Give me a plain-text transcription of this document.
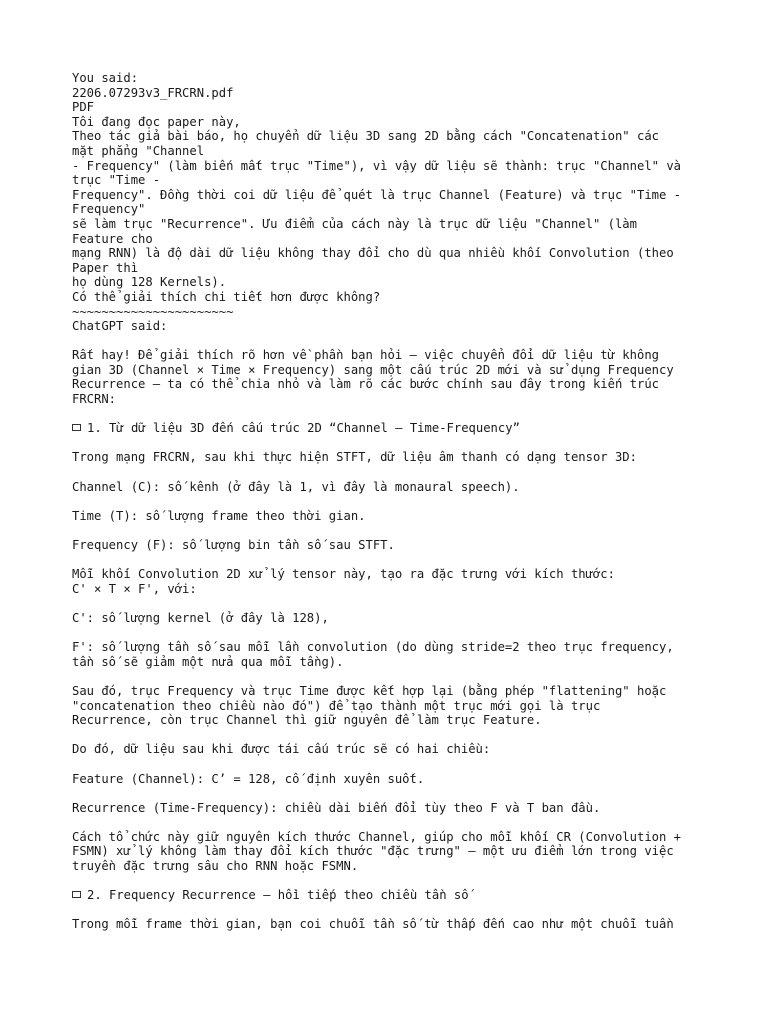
You said:
2206.07293v3_FRCRN.pdf
PDF
Tôi đang đọc paper này,
Theo tác giả bài báo, họ chuyển dữ liệu 3D sang 2D bằng cách "Concatenation" các
mặt phẳng "Channel
- Frequency" (làm biến mất trục "Time"), vì vậy dữ liệu sẽ thành: trục "Channel" và
trục "Time -
Frequency". Đồng thời coi dữ liệu để quét là trục Channel (Feature) và trục "Time -
Frequency"
sẽ làm trục "Recurrence". Ưu điểm của cách này là trục dữ liệu "Channel" (làm
Feature cho
mạng RNN) là độ dài dữ liệu không thay đổi cho dù qua nhiều khối Convolution (theo
Paper thì
họ dùng 128 Kernels).
Có thể giải thích chi tiết hơn được không?
~~~~~~~~~~~~~~~~~~~~~~
ChatGPT said:
Rất hay! Để giải thích rõ hơn về phần bạn hỏi — việc chuyển đổi dữ liệu từ không
gian 3D (Channel × Time × Frequency) sang một cấu trúc 2D mới và sử dụng Frequency
Recurrence — ta có thể chia nhỏ và làm rõ các bước chính sau đây trong kiến trúc
FRCRN:
1. Từ dữ liệu 3D đến cấu trúc 2D “Channel – Time-Frequency”
Trong mạng FRCRN, sau khi thực hiện STFT, dữ liệu âm thanh có dạng tensor 3D:
Channel (C): số kênh (ở đây là 1, vì đây là monaural speech).
Time (T): số lượng frame theo thời gian.
Frequency (F): số lượng bin tần số sau STFT.
Mỗi khối Convolution 2D xử lý tensor này, tạo ra đặc trưng với kích thước:
C' × T × F', với:
C': số lượng kernel (ở đây là 128),
F': số lượng tần số sau mỗi lần convolution (do dùng stride=2 theo trục frequency,
tần số sẽ giảm một nửa qua mỗi tầng).
Sau đó, trục Frequency và trục Time được kết hợp lại (bằng phép "flattening" hoặc
"concatenation theo chiều nào đó") để tạo thành một trục mới gọi là trục
Recurrence, còn trục Channel thì giữ nguyên để làm trục Feature.
Do đó, dữ liệu sau khi được tái cấu trúc sẽ có hai chiều:
Feature (Channel): C’ = 128, cố định xuyên suốt.
Recurrence (Time-Frequency): chiều dài biến đổi tùy theo F và T ban đầu.
Cách tổ chức này giữ nguyên kích thước Channel, giúp cho mỗi khối CR (Convolution +
FSMN) xử lý không làm thay đổi kích thước "đặc trưng" — một ưu điểm lớn trong việc
truyền đặc trưng sâu cho RNN hoặc FSMN.
2. Frequency Recurrence – hồi tiếp theo chiều tần số
Trong mỗi frame thời gian, bạn coi chuỗi tần số từ thấp đến cao như một chuỗi tuần
